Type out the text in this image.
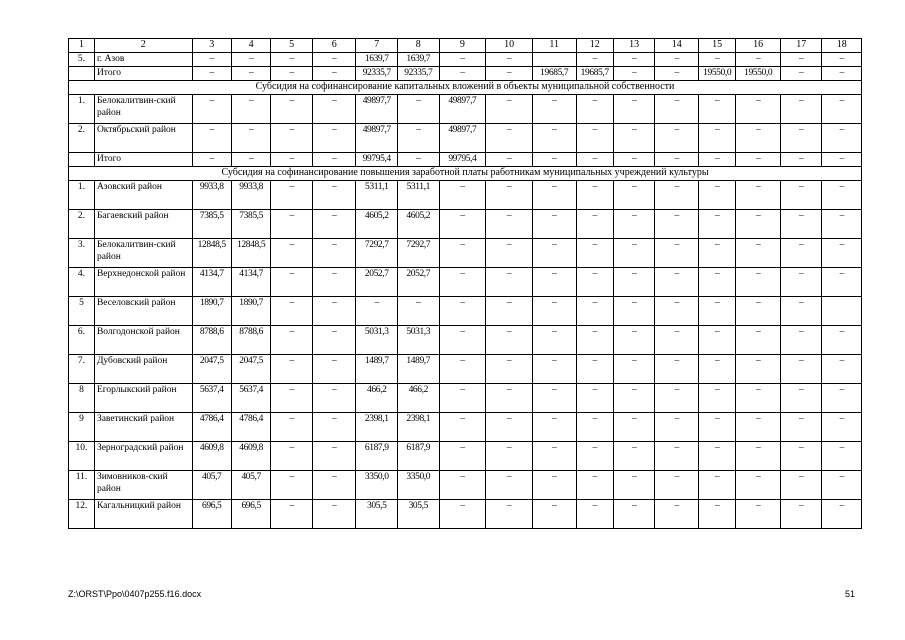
1	2	3	4	5	6	7	8	9	10	11	12	13	14	15	16	17	18
5.	г. Азов	–	–	–	–	1639,7	1639,7	–	–		–	–	–	–	–	–	–
	Итого	–	–	–	–	92335,7	92335,7	–	–	19685,7	19685,7	–	–	19550,0	19550,0	–	–
Субсидия на софинансирование капитальных вложений в объекты муниципальной собственности																	
1.	Белокалитвин-ский район	–	–	–	–	49897,7	–	49897,7	–	–	–	–	–	–	–	–	–
2.	Октябрьский район	–	–	–	–	49897,7	–	49897,7	–	–	–	–	–	–	–	–	–
	Итого	–	–	–	–	99795,4	–	99795,4	–	–	–	–	–	–	–	–	–
Субсидия на софинансирование повышения заработной платы работникам муниципальных учреждений культуры																	
1.	Азовский район	9933,8	9933,8	–	–	5311,1	5311,1	–	–	–	–	–	–	–	–	–	–
2.	Багаевский район	7385,5	7385,5	–	–	4605,2	4605,2	–	–	–	–	–	–	–	–	–	–
3.	Белокалитвин-ский район	12848,5	12848,5	–	–	7292,7	7292,7	–	–	–	–	–	–	–	–	–	–
4.	Верхнедонской район	4134,7	4134,7	–	–	2052,7	2052,7	–	–	–	–	–	–	–	–	–	–
5	Веселовский район	1890,7	1890,7	–	–	–	–	–	–	–	–	–	–	–	–	–	
6.	Волгодонской район	8788,6	8788,6	–	–	5031,3	5031,3	–	–	–	–	–	–	–	–	–	–
7.	Дубовский район	2047,5	2047,5	–	–	1489,7	1489,7	–	–	–	–	–	–	–	–	–	–
8	Егорлыкский район	5637,4	5637,4	–	–	466,2	466,2	–	–	–	–	–	–	–	–	–	–
9	Заветинский район	4786,4	4786,4	–	–	2398,1	2398,1	–	–	–	–	–	–	–	–	–	–
10.	Зерноградский район	4609,8	4609,8	–	–	6187,9	6187,9	–	–	–	–	–	–	–	–	–	–
11.	Зимовников-ский район	405,7	405,7	–	–	3350,0	3350,0	–	–	–	–	–	–	–	–	–	–
12.	Кагальницкий район	696,5	696,5	–	–	305,5	305,5	–	–	–	–	–	–	–	–	–	–
Z:\ORST\Ppo\0407p255.f16.docx	51
